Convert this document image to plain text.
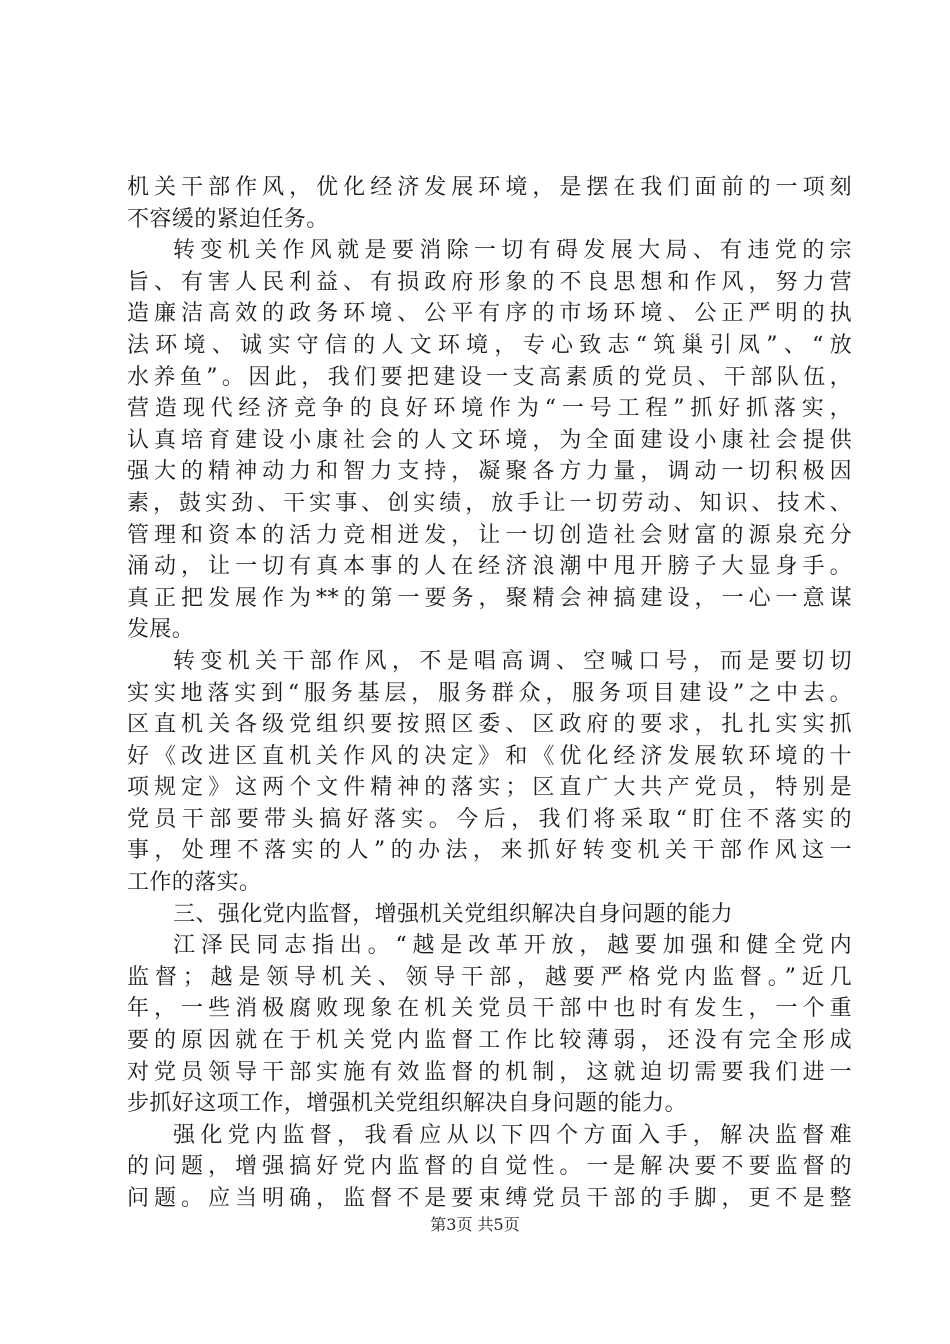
机关干部作风，优化经济发展环境，是摆在我们面前的一项刻
不容缓的紧迫任务。
转变机关作风就是要消除一切有碍发展大局、有违党的宗
旨、有害人民利益、有损政府形象的不良思想和作风，努力营
造廉洁高效的政务环境、公平有序的市场环境、公正严明的执
法环境、诚实守信的人文环境，专心致志“筑巢引凤”、“放
水养鱼”。因此，我们要把建设一支高素质的党员、干部队伍，
营造现代经济竞争的良好环境作为“一号工程”抓好抓落实，
认真培育建设小康社会的人文环境，为全面建设小康社会提供
强大的精神动力和智力支持，凝聚各方力量，调动一切积极因
素，鼓实劲、干实事、创实绩，放手让一切劳动、知识、技术、
管理和资本的活力竞相迸发，让一切创造社会财富的源泉充分
涌动，让一切有真本事的人在经济浪潮中甩开膀子大显身手。
真正把发展作为**的第一要务，聚精会神搞建设，一心一意谋
发展。
转变机关干部作风，不是唱高调、空喊口号，而是要切切
实实地落实到“服务基层，服务群众，服务项目建设”之中去。
区直机关各级党组织要按照区委、区政府的要求，扎扎实实抓
好《改进区直机关作风的决定》和《优化经济发展软环境的十
项规定》这两个文件精神的落实；区直广大共产党员，特别是
党员干部要带头搞好落实。今后，我们将采取“盯住不落实的
事，处理不落实的人”的办法，来抓好转变机关干部作风这一
工作的落实。
三、强化党内监督，增强机关党组织解决自身问题的能力
江泽民同志指出。“越是改革开放，越要加强和健全党内
监督；越是领导机关、领导干部，越要严格党内监督。”近几
年，一些消极腐败现象在机关党员干部中也时有发生，一个重
要的原因就在于机关党内监督工作比较薄弱，还没有完全形成
对党员领导干部实施有效监督的机制，这就迫切需要我们进一
步抓好这项工作，增强机关党组织解决自身问题的能力。
强化党内监督，我看应从以下四个方面入手，解决监督难
的问题，增强搞好党内监督的自觉性。一是解决要不要监督的
问题。应当明确，监督不是要束缚党员干部的手脚，更不是整
第3页 共5页
